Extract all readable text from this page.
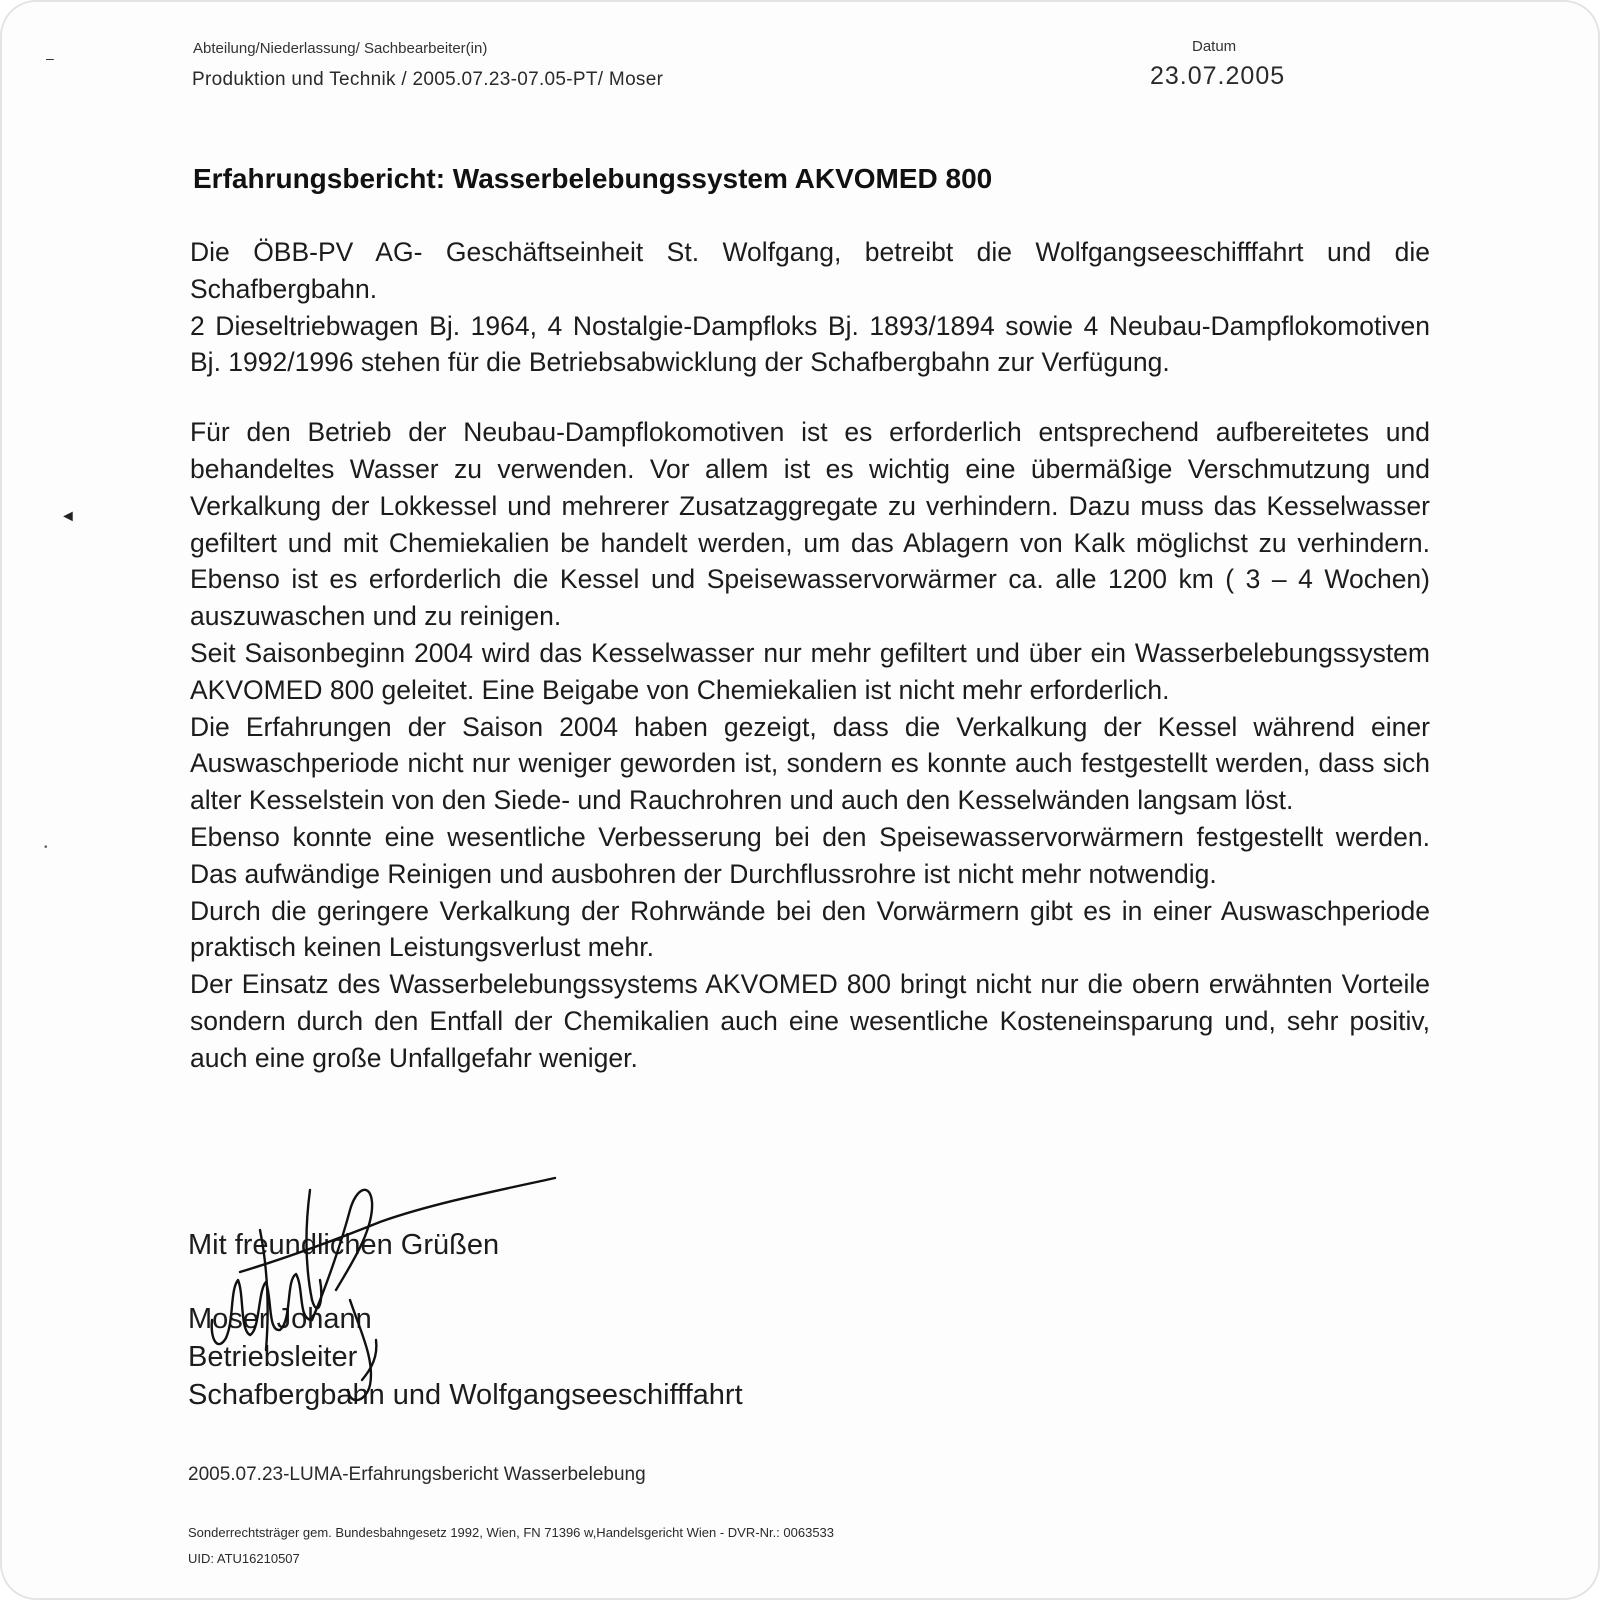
–
◄
•
Abteilung/Niederlassung/ Sachbearbeiter(in)
Produktion und Technik / 2005.07.23-07.05-PT/ Moser
Datum
23.07.2005
Erfahrungsbericht: Wasserbelebungssystem AKVOMED 800

Die ÖBB-PV AG- Geschäftseinheit St. Wolfgang, betreibt die Wolfgangseeschifffahrt und die Schafbergbahn.

2 Dieseltriebwagen Bj. 1964, 4 Nostalgie-Dampfloks Bj. 1893/1894 sowie 4 Neubau-Dampflokomotiven Bj. 1992/1996 stehen für die Betriebsabwicklung der Schafbergbahn zur Verfügung.

Für den Betrieb der Neubau-Dampflokomotiven ist es erforderlich entsprechend aufbereitetes und behandeltes Wasser zu verwenden. Vor allem ist es wichtig eine übermäßige Verschmutzung und Verkalkung der Lokkessel und mehrerer Zusatzaggregate zu verhindern. Dazu muss das Kesselwasser gefiltert und mit Chemiekalien be handelt werden, um das Ablagern von Kalk möglichst zu verhindern. Ebenso ist es erforderlich die Kessel und Speisewasservorwärmer ca. alle 1200 km ( 3 – 4 Wochen) auszuwaschen und zu reinigen.

Seit Saisonbeginn 2004 wird das Kesselwasser nur mehr gefiltert und über ein Wasserbelebungssystem AKVOMED 800 geleitet. Eine Beigabe von Chemiekalien ist nicht mehr erforderlich.

Die Erfahrungen der Saison 2004 haben gezeigt, dass die Verkalkung der Kessel während einer Auswaschperiode nicht nur weniger geworden ist, sondern es konnte auch festgestellt werden, dass sich alter Kesselstein von den Siede- und Rauchrohren und auch den Kesselwänden langsam löst.

Ebenso konnte eine wesentliche Verbesserung bei den Speisewasservorwärmern festgestellt werden. Das aufwändige Reinigen und ausbohren der Durchflussrohre ist nicht mehr notwendig.

Durch die geringere Verkalkung der Rohrwände bei den Vorwärmern gibt es in einer Auswaschperiode praktisch keinen Leistungsverlust mehr.

Der Einsatz des Wasserbelebungssystems AKVOMED 800 bringt nicht nur die obern erwähnten Vorteile sondern durch den Entfall der Chemikalien auch eine wesentliche Kosteneinsparung und, sehr positiv, auch eine große Unfallgefahr weniger.

Mit freundlichen Grüßen
Moser Johann
Betriebsleiter
Schafbergbahn und Wolfgangseeschifffahrt
2005.07.23-LUMA-Erfahrungsbericht Wasserbelebung
Sonderrechtsträger gem. Bundesbahngesetz 1992, Wien, FN 71396 w,Handelsgericht Wien - DVR-Nr.: 0063533
UID: ATU16210507
